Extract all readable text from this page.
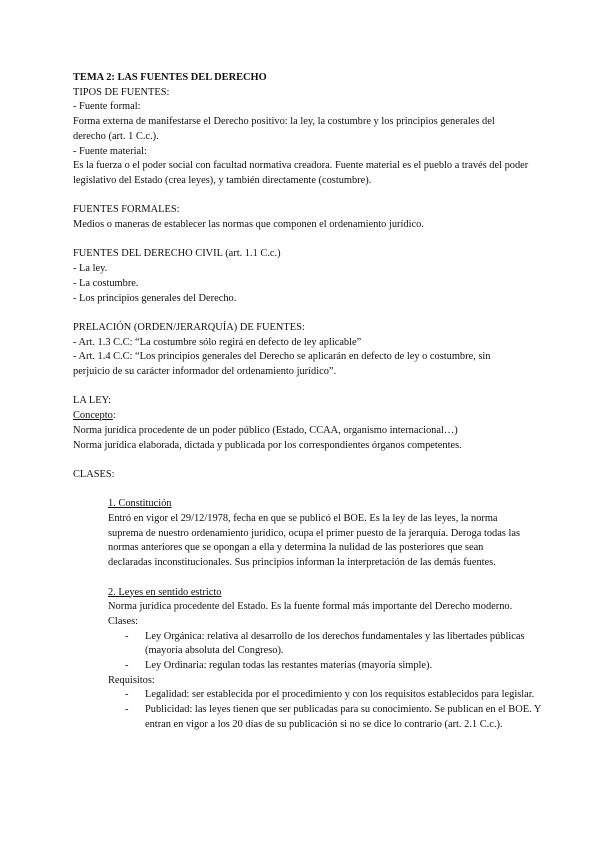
TEMA 2: LAS FUENTES DEL DERECHO
TIPOS DE FUENTES:
- Fuente formal:
Forma externa de manifestarse el Derecho positivo: la ley, la costumbre y los principios generales del
derecho (art. 1 C.c.).
- Fuente material:
Es la fuerza o el poder social con facultad normativa creadora. Fuente material es el pueblo a través del poder
legislativo del Estado (crea leyes), y también directamente (costumbre).
FUENTES FORMALES:
Medios o maneras de establecer las normas que componen el ordenamiento jurídico.
FUENTES DEL DERECHO CIVIL (art. 1.1 C.c.)
- La ley.
- La costumbre.
- Los principios generales del Derecho.
PRELACIÓN (ORDEN/JERARQUÍA) DE FUENTES:
- Art. 1.3 C.C: “La costumbre sólo regirá en defecto de ley aplicable”
- Art. 1.4 C.C: “Los principios generales del Derecho se aplicarán en defecto de ley o costumbre, sin
perjuicio de su carácter informador del ordenamiento jurídico”.
LA LEY:
Concepto:
Norma jurídica procedente de un poder público (Estado, CCAA, organismo internacional…)
Norma jurídica elaborada, dictada y publicada por los correspondientes órganos competentes.
CLASES:
1. Constitución
Entró en vigor el 29/12/1978, fecha en que se publicó el BOE. Es la ley de las leyes, la norma
suprema de nuestro ordenamiento jurídico, ocupa el primer puesto de la jerarquía. Deroga todas las
normas anteriores que se opongan a ella y determina la nulidad de las posteriores que sean
declaradas inconstitucionales. Sus principios informan la interpretación de las demás fuentes.
2. Leyes en sentido estricto
Norma jurídica procedente del Estado. Es la fuente formal más importante del Derecho moderno.
Clases:
-	Ley Orgánica: relativa al desarrollo de los derechos fundamentales y las libertades públicas (mayoría absoluta del Congreso).
-	Ley Ordinaria: regulan todas las restantes materias (mayoría simple).
Requisitos:
-	Legalidad: ser establecida por el procedimiento y con los requisitos establecidos para legislar.
-	Publicidad: las leyes tienen que ser publicadas para su conocimiento. Se publican en el BOE. Y entran en vigor a los 20 días de su publicación si no se dice lo contrario (art. 2.1 C.c.).
